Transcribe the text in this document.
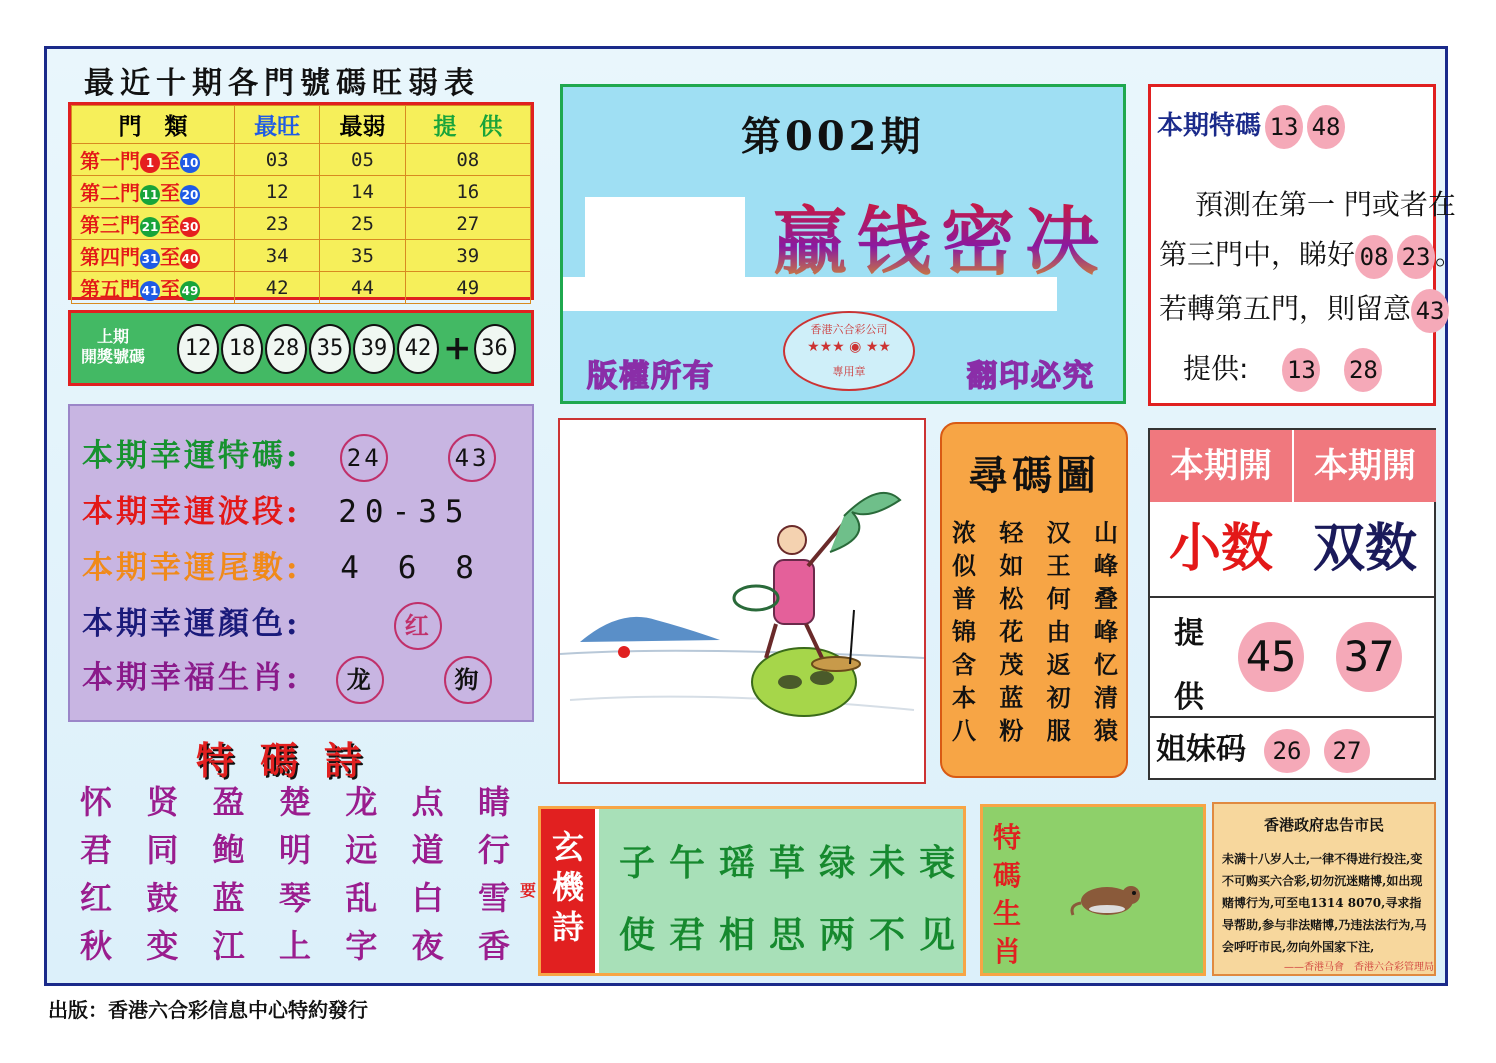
最近十期各門號碼旺弱表
門　類	最旺	最弱	提　供
第一門 1 至 10	03	05	08
第二門 11至 20	12	14	16
第三門 21至 30	23	25	27
第四門 31至 40	34	35	39
第五門 41至 49	42	44	49
上期
開獎號碼	12 18 28 35 39 42 + 36
本期幸運特碼: 24	43
本期幸運波段: 20-35
本期幸運尾數: 4 6 8
本期幸運顏色:	红
本期幸福生肖: 龙	狗
特碼詩
怀 贤 盈 楚 龙 点 睛
君 同 鲍 明 远 道 行
红 鼓 蓝 琴 乱 白 雪
秋 变 江 上 字 夜 香
第002期
贏钱密决
版權所有	翻印必究
香港六合彩公司
★★★ ◉ ★★
專用章
尋碼圖
浓 轻 汉 山
似 如 王 峰
普 松 何 叠
锦 花 由 峰
含 茂 返 忆
本 蓝 初 清
八 粉 服 猿
本期特碼 13 48
預測在第一 門或者在
第三門中，睇好 08 23 。
若轉第五門，則留意 43
提供: 13 28
本期開	本期開
小数 双数
提
供
45 37
姐妹码 26 27
玄
機
詩
子 午 瑶 草 绿 未 衰
使 君 相 思 两 不 见
要
特
碼
生
肖
香港政府忠告市民
未满十八岁人士,一律不得进行投注,变不可购买六合彩,切勿沉迷赌博,如出现赌博行为,可至电1314 8070,寻求指导帮助,参与非法赌博,乃违法法行为,马会呼吁市民,勿向外国家下注,
——香港马會　香港六合彩管理局
出版：香港六合彩信息中心特約發行
